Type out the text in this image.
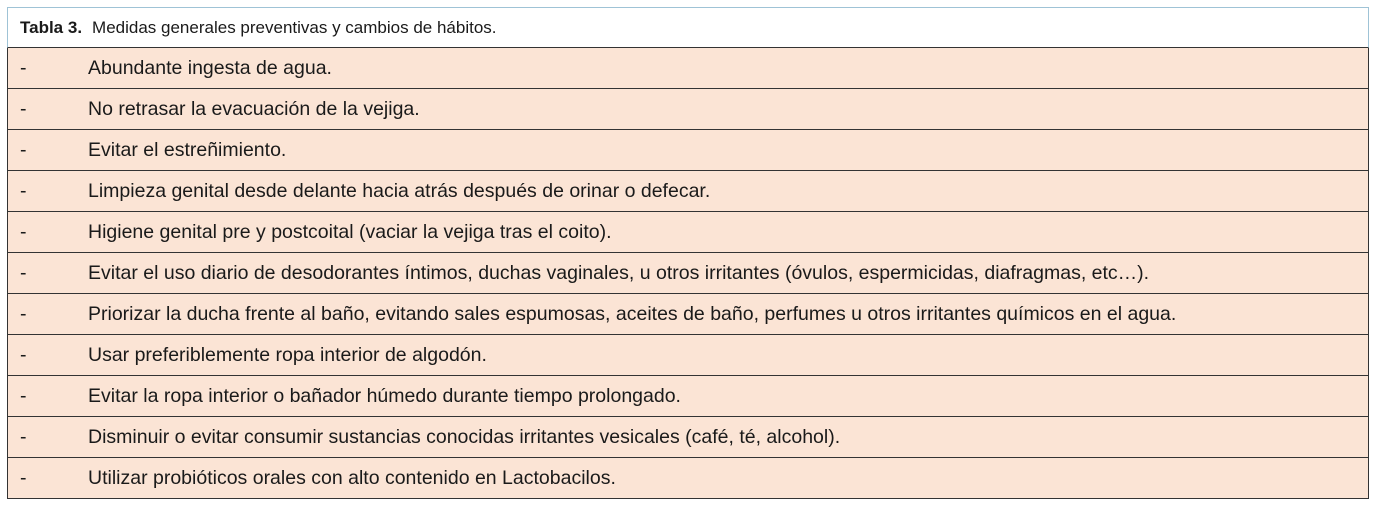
Tabla 3. Medidas generales preventivas y cambios de hábitos.
-	Abundante ingesta de agua.
-	No retrasar la evacuación de la vejiga.
-	Evitar el estreñimiento.
-	Limpieza genital desde delante hacia atrás después de orinar o defecar.
-	Higiene genital pre y postcoital (vaciar la vejiga tras el coito).
-	Evitar el uso diario de desodorantes íntimos, duchas vaginales, u otros irritantes (óvulos, espermicidas, diafragmas, etc…).
-	Priorizar la ducha frente al baño, evitando sales espumosas, aceites de baño, perfumes u otros irritantes químicos en el agua.
-	Usar preferiblemente ropa interior de algodón.
-	Evitar la ropa interior o bañador húmedo durante tiempo prolongado.
-	Disminuir o evitar consumir sustancias conocidas irritantes vesicales (café, té, alcohol).
-	Utilizar probióticos orales con alto contenido en Lactobacilos.
